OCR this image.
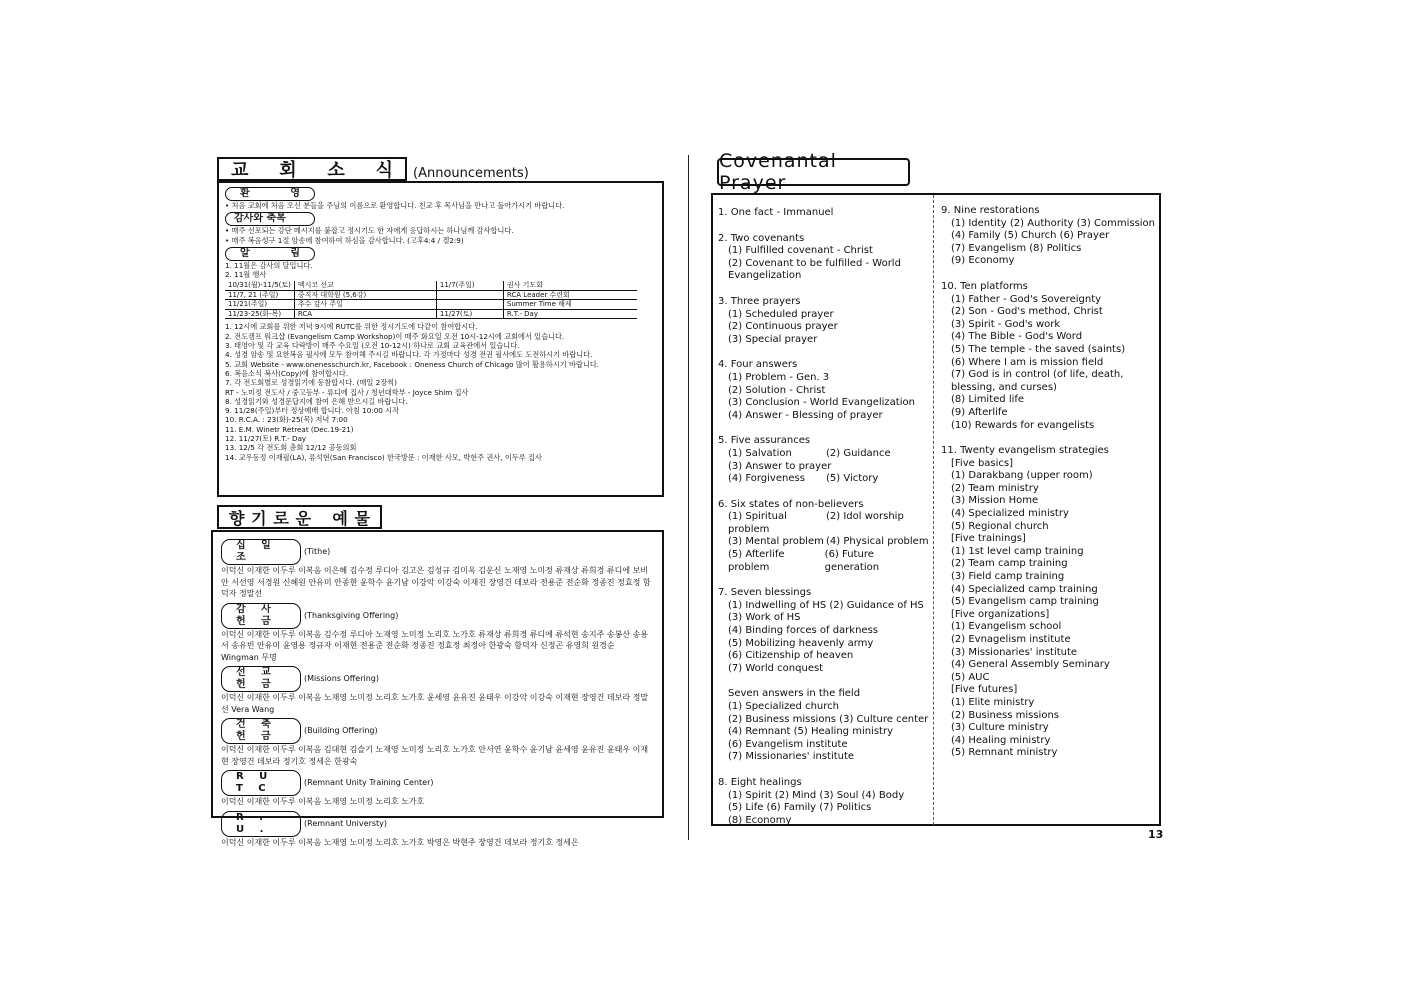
교 회 소 식 (Announcements)
환	영
• 처음 교회에 처음 오신 분들을 주님의 이름으로 환영합니다. 친교 후 목사님을 만나고 돌아가시기 바랍니다.
감사와 축복
• 매주 선포되는 강단 메시지를 붙잡고 정시기도 한 자에게 응답하시는 하나님께 감사합니다.
• 매주 복음성구 1절 암송에 참여하여 하심을 감사합니다. (고후4:4 / 겔2:9)
알	림
1. 11월은 감사의 달입니다.
2. 11월 행사
10/31(월)-11/5(토)	멕시코 선교	11/7(주일)	권사 기도회
11/7, 21 (주일)	중직자 대학원 (5,6강)		RCA Leader 수련회
11/21(주일)	추수 감사 주일		Summer Time 해제
11/23-25(화-목)	RCA	11/27(토)	R.T.- Day
1. 12시에 교회를 위한 저녁 9시에 RUTC를 위한 정시기도에 다같이 참여합시다.
2. 전도캠프 워크샵 (Evangelism Camp Workshop)이 매주 화요일 오전 10시-12시에 교회에서 있습니다.
3. 태영아 및 각 교육 다락방이 매주 수요일 (오전 10-12시) 하나로 교회 교육관에서 있습니다.
4. 성경 암송 및 요한복음 필사에 모두 참여해 주시길 바랍니다. 각 가정마다 성경 전권 필사에도 도전하시기 바랍니다.
5. 교회 Website - www.onenesschurch.kr, Facebook : Oneness Church of Chicago 많이 활용하시기 바랍니다.
6. 복음소식 복사(Copy)에 참여합시다.
7. 각 전도회별로 성경읽기에 동참합시다. (매일 2장씩)
RT - 노미정 전도사 / 중고등부 - 류디에 집사 / 청년대학부 - Joyce Shim 집사
8. 성경읽기와 성경문답지에 참여 은혜 받으시길 바랍니다.
9. 11/28(주일)부터 정상예배 합니다. 아침 10:00 시작
10. R.C.A. : 23(화)-25(목) 저녁 7:00
11. E.M. Winetr Retreat (Dec.19-21)
12. 11/27(토) R.T.- Day
13. 12/5 각 전도회 총회 12/12 공동의회
14. 교우동정 이재필(LA), 류석현(San Francisco) 한국방문 : 이재한 사모, 박현주 권사, 이두루 집사
향 기 로 운 예 물
십 일 조
(Tithe)
이덕신 이재한 이두루 이복음 이은혜 김수정 루디아 김고은 김성규 김미옥 김운신 노재영 노미정 류재상 류희경 류디에 보비안 서선영 서경원 신혜원 안유미 안종현 윤학수 윤기남 이강악 이강숙 이재진 장영건 데보라 전용준 전순화 정종진 정효정 함덕자 정말선
감 사 헌 금
(Thanksgiving Offering)
이덕신 이재한 이두루 이복음 김수정 루디아 노재영 노미정 노리호 노가호 류재상 류희경 류디에 류석현 송지주 송봉산 송용서 송유빈 안유미 윤영용 정규자 이재현 전용준 전순화 정종진 정효정 최정아 한광숙 함덕자 신정곤 유영희 원경순 Wingman 무명
선 교 헌 금
(Missions Offering)
이덕신 이재한 이두루 이복음 노재영 노미정 노리호 노가호 윤세영 윤유진 윤태우 이강악 이강숙 이재현 장영건 데보라 정말선 Vera Wang
건 축 헌 금
(Building Offering)
이덕신 이재한 이두루 이복음 김대현 김슬기 노재영 노미정 노리호 노가호 안서연 윤학수 윤기남 윤세영 윤유진 윤태우 이재현 장영건 데보라 정기호 정세은 한광숙
R U T C
(Remnant Unity Training Center)
이덕신 이재한 이두루 이복음 노재영 노미정 노리호 노가호
R . U .
(Remnant Universty)
이덕신 이재한 이두루 이복음 노재영 노미정 노리호 노가호 박영은 박현주 장영건 데보라 정기호 정세은
Covenantal Prayer
1. One fact - Immanuel
2. Two covenants
(1) Fulfilled covenant - Christ
(2) Covenant to be fulfilled - World Evangelization
3. Three prayers
(1) Scheduled prayer
(2) Continuous prayer
(3) Special prayer
4. Four answers
(1) Problem - Gen. 3
(2) Solution - Christ
(3) Conclusion - World Evangelization
(4) Answer - Blessing of prayer
5. Five assurances
(1) Salvation	(2) Guidance
(3) Answer to prayer
(4) Forgiveness	(5) Victory
6. Six states of non-believers
(1) Spiritual problem
(2) Idol worship
(3) Mental problem (4) Physical problem
(5) Afterlife problem
(6) Future generation
7. Seven blessings
(1) Indwelling of HS (2) Guidance of HS
(3) Work of HS
(4) Binding forces of darkness
(5) Mobilizing heavenly army
(6) Citizenship of heaven
(7) World conquest
Seven answers in the field
(1) Specialized church
(2) Business missions (3) Culture center
(4) Remnant (5) Healing ministry
(6) Evangelism institute
(7) Missionaries' institute
8. Eight healings
(1) Spirit (2) Mind (3) Soul (4) Body
(5) Life (6) Family (7) Politics
(8) Economy
9. Nine restorations
(1) Identity (2) Authority (3) Commission
(4) Family (5) Church (6) Prayer
(7) Evangelism (8) Politics
(9) Economy
10. Ten platforms
(1) Father - God's Sovereignty
(2) Son - God's method, Christ
(3) Spirit - God's work
(4) The Bible - God's Word
(5) The temple - the saved (saints)
(6) Where I am is mission field
(7) God is in control (of life, death, blessing, and curses)
(8) Limited life
(9) Afterlife
(10) Rewards for evangelists
11. Twenty evangelism strategies
[Five basics]
(1) Darakbang (upper room)
(2) Team ministry
(3) Mission Home
(4) Specialized ministry
(5) Regional church
[Five trainings]
(1) 1st level camp training
(2) Team camp training
(3) Field camp training
(4) Specialized camp training
(5) Evangelism camp training
[Five organizations]
(1) Evangelism school
(2) Evnagelism institute
(3) Missionaries' institute
(4) General Assembly Seminary
(5) AUC
[Five futures]
(1) Elite ministry
(2) Business missions
(3) Culture ministry
(4) Healing ministry
(5) Remnant ministry
13
